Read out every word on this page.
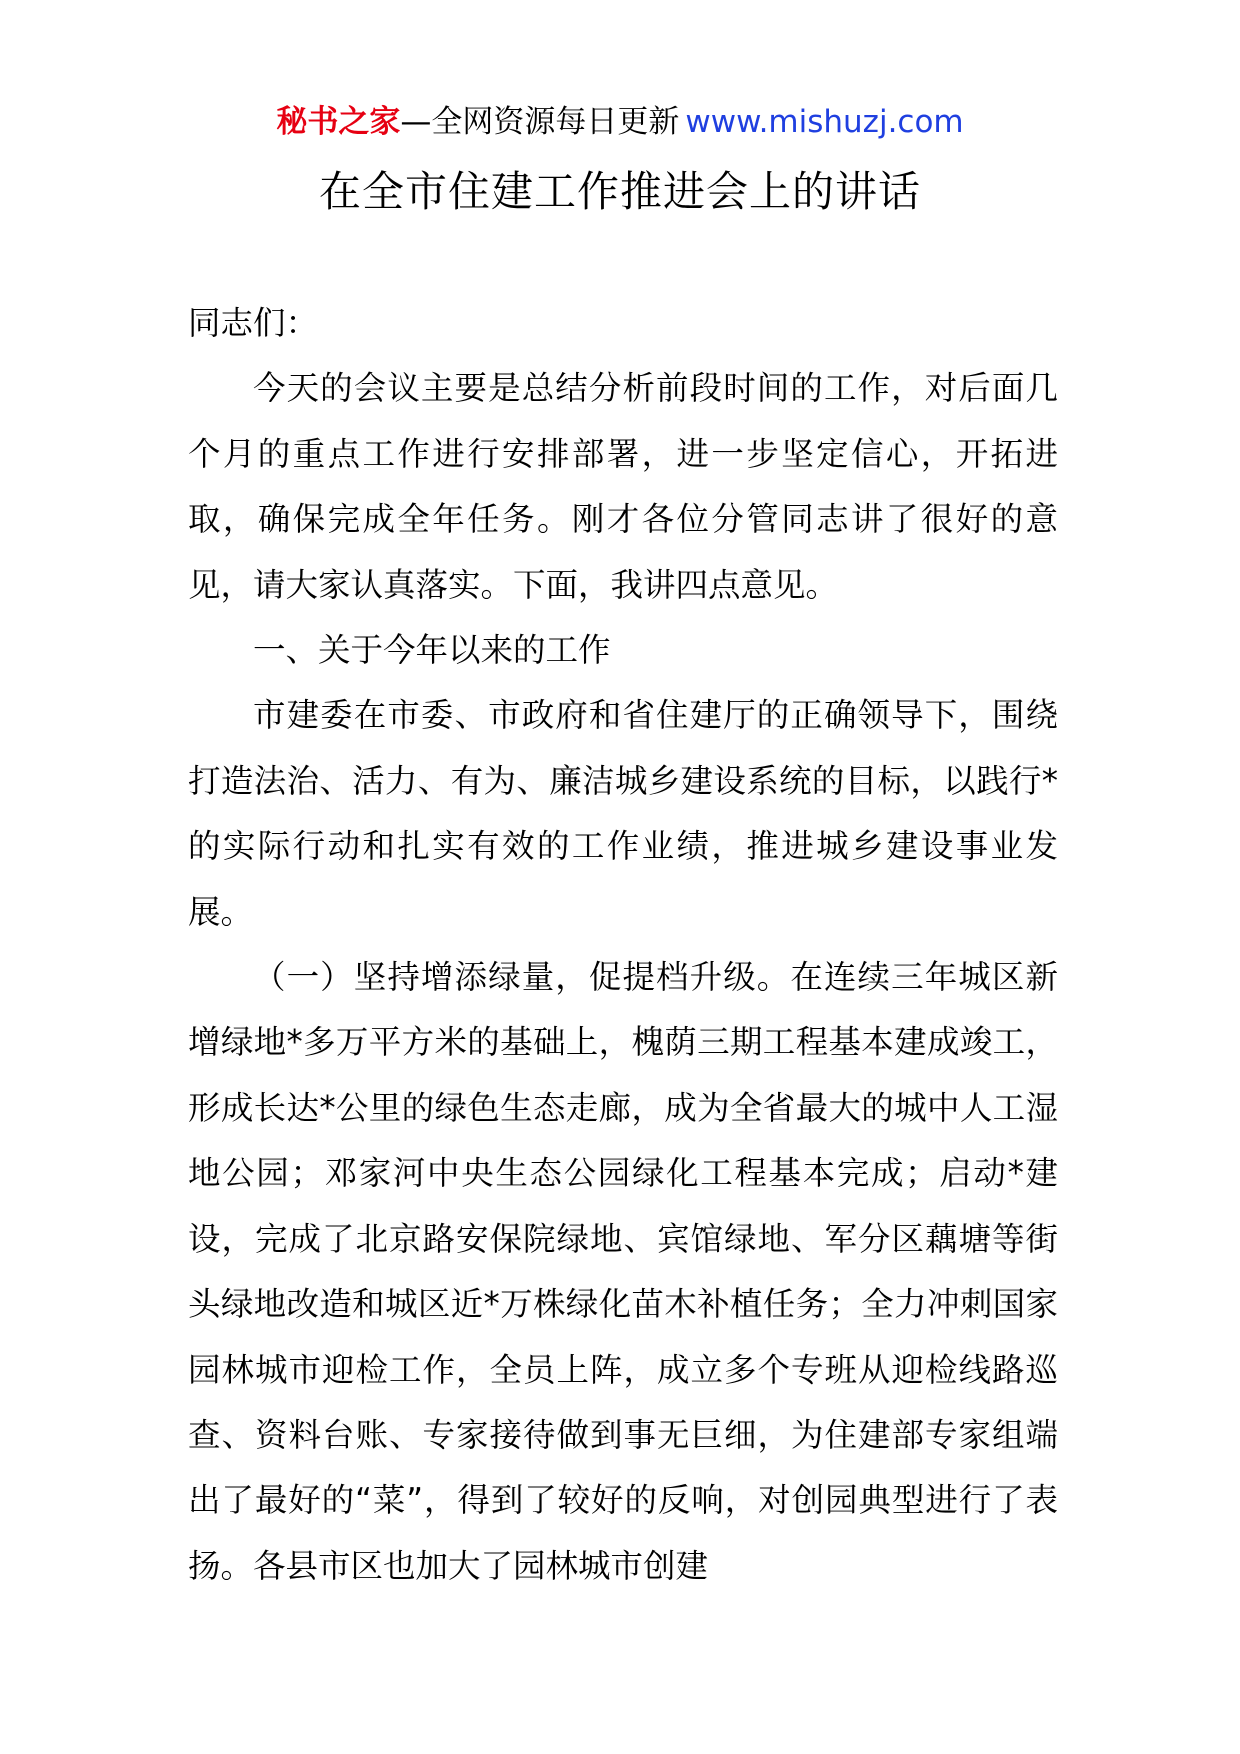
秘书之家—全网资源每日更新 www.mishuzj.com
在全市住建工作推进会上的讲话

同志们：

今天的会议主要是总结分析前段时间的工作，对后面几个月的重点工作进行安排部署，进一步坚定信心，开拓进取，确保完成全年任务。刚才各位分管同志讲了很好的意见，请大家认真落实。下面，我讲四点意见。

一、关于今年以来的工作

市建委在市委、市政府和省住建厅的正确领导下，围绕打造法治、活力、有为、廉洁城乡建设系统的目标，以践行*的实际行动和扎实有效的工作业绩，推进城乡建设事业发展。

（一）坚持增添绿量，促提档升级。在连续三年城区新增绿地*多万平方米的基础上，槐荫三期工程基本建成竣工，形成长达*公里的绿色生态走廊，成为全省最大的城中人工湿地公园；邓家河中央生态公园绿化工程基本完成；启动*建设，完成了北京路安保院绿地、宾馆绿地、军分区藕塘等街头绿地改造和城区近*万株绿化苗木补植任务；全力冲刺国家园林城市迎检工作，全员上阵，成立多个专班从迎检线路巡查、资料台账、专家接待做到事无巨细，为住建部专家组端出了最好的“菜”，得到了较好的反响，对创园典型进行了表扬。各县市区也加大了园林城市创建
